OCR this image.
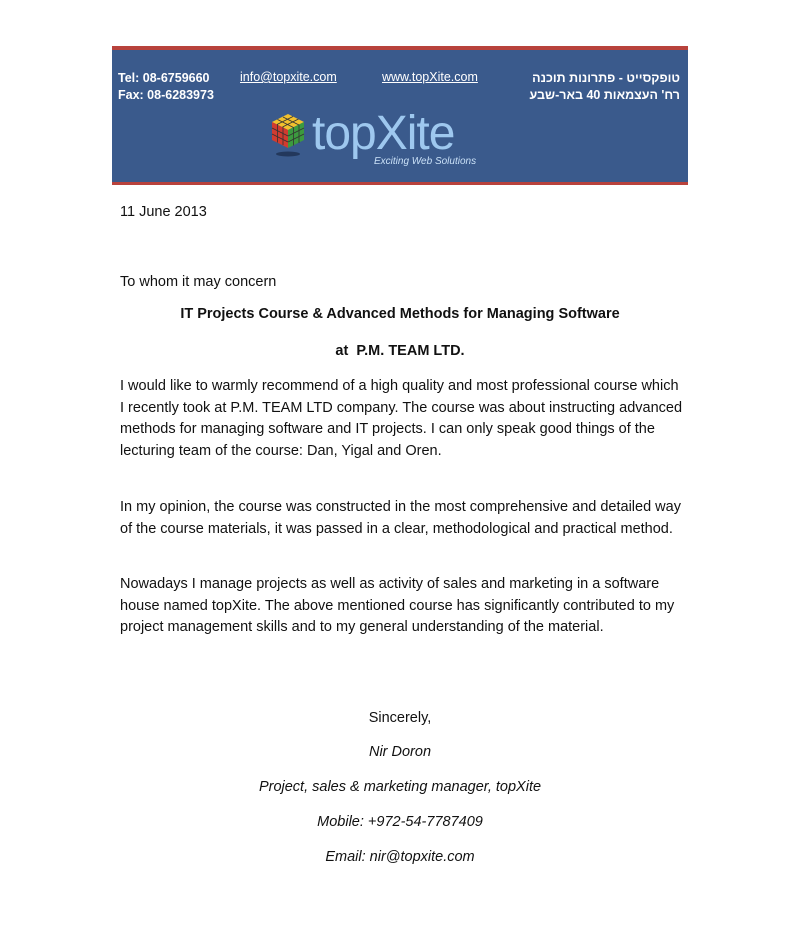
Tel: 08-6759660
Fax: 08-6283973
info@topxite.com	www.topXite.com	טופקסייט - פתרונות תוכנה
רח' העצמאות 40 באר-שבע
topXite
Exciting Web Solutions
11 June 2013
To whom it may concern
IT Projects Course & Advanced Methods for Managing Software
at  P.M. TEAM LTD.

I would like to warmly recommend of a high quality and most professional course which I recently took at P.M. TEAM LTD company. The course was about instructing advanced methods for managing software and IT projects. I can only speak good things of the lecturing team of the course: Dan, Yigal and Oren.

In my opinion, the course was constructed in the most comprehensive and detailed way of the course materials, it was passed in a clear, methodological and practical method.

Nowadays I manage projects as well as activity of sales and marketing in a software house named topXite. The above mentioned course has significantly contributed to my project management skills and to my general understanding of the material.

Sincerely,
Nir Doron
Project, sales & marketing manager, topXite
Mobile: +972-54-7787409
Email: nir@topxite.com
